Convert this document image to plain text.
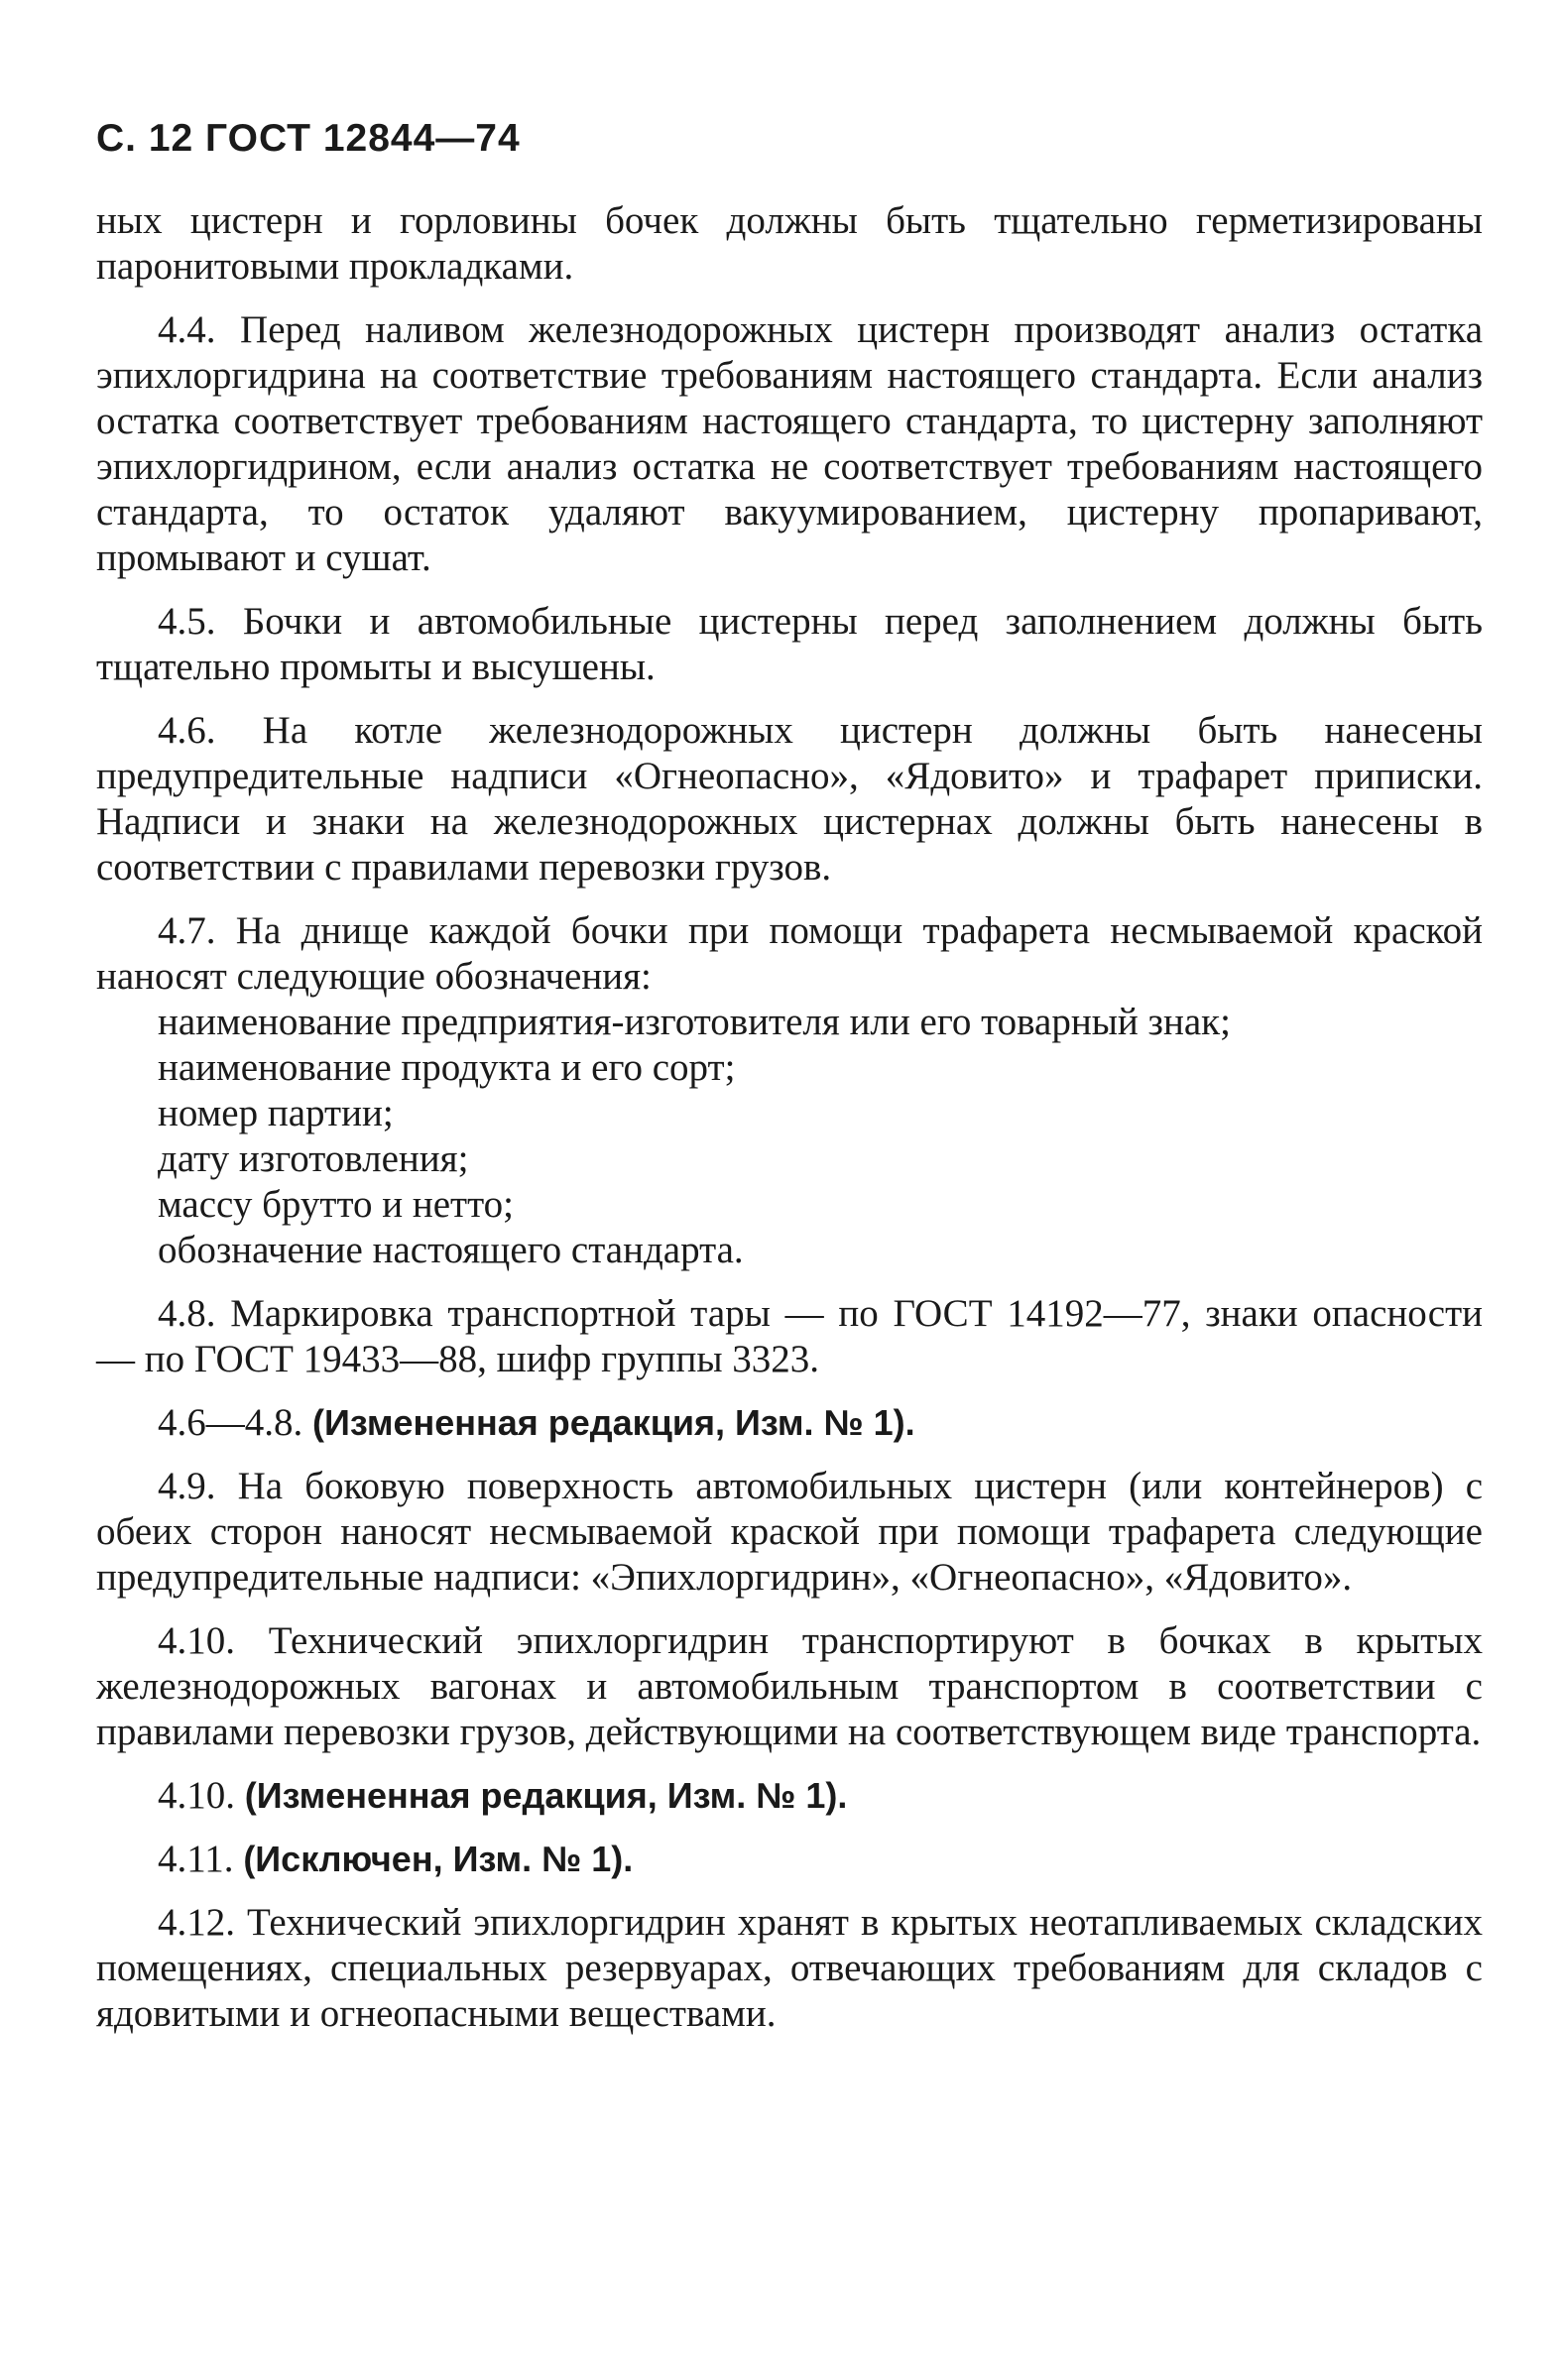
С. 12 ГОСТ 12844—74

ных цистерн и горловины бочек должны быть тщательно герметизированы паронитовыми прокладками.

4.4. Перед наливом железнодорожных цистерн производят анализ остатка эпихлоргидрина на соответствие требованиям настоящего стандарта. Если анализ остатка соответствует требованиям настоящего стандарта, то цистерну заполняют эпихлоргидрином, если анализ остатка не соответствует требованиям настоящего стандарта, то остаток удаляют вакуумированием, цистерну пропаривают, промывают и сушат.

4.5. Бочки и автомобильные цистерны перед заполнением должны быть тщательно промыты и высушены.

4.6. На котле железнодорожных цистерн должны быть нанесены предупредительные надписи «Огнеопасно», «Ядовито» и трафарет приписки. Надписи и знаки на железнодорожных цистернах должны быть нанесены в соответствии с правилами перевозки грузов.

4.7. На днище каждой бочки при помощи трафарета несмываемой краской наносят следующие обозначения:

наименование предприятия-изготовителя или его товарный знак;

наименование продукта и его сорт;
номер партии;
дату изготовления;
массу брутто и нетто;
обозначение настоящего стандарта.

4.8. Маркировка транспортной тары — по ГОСТ 14192—77, знаки опасности — по ГОСТ 19433—88, шифр группы 3323.

4.6—4.8. (Измененная редакция, Изм. № 1).

4.9. На боковую поверхность автомобильных цистерн (или контейнеров) с обеих сторон наносят несмываемой краской при помощи трафарета следующие предупредительные надписи: «Эпихлоргидрин», «Огнеопасно», «Ядовито».

4.10. Технический эпихлоргидрин транспортируют в бочках в крытых железнодорожных вагонах и автомобильным транспортом в соответствии с правилами перевозки грузов, действующими на соответствующем виде транспорта.

4.10. (Измененная редакция, Изм. № 1).

4.11. (Исключен, Изм. № 1).

4.12. Технический эпихлоргидрин хранят в крытых неотапливаемых складских помещениях, специальных резервуарах, отвечающих требованиям для складов с ядовитыми и огнеопасными веществами.
